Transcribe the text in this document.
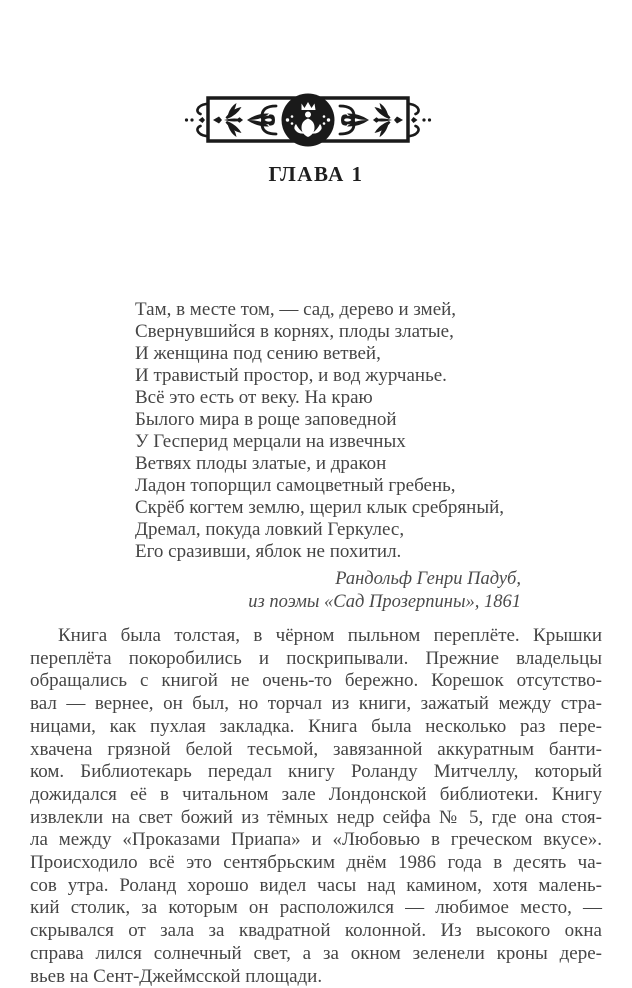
ГЛАВА 1
Там, в месте том, — сад, дерево и змей,
Свернувшийся в корнях, плоды златые,
И женщина под сению ветвей,
И травистый простор, и вод журчанье.
Всё это есть от веку. На краю
Былого мира в роще заповедной
У Гесперид мерцали на извечных
Ветвях плоды златые, и дракон
Ладон топорщил самоцветный гребень,
Скрёб когтем землю, щерил клык сребряный,
Дремал, покуда ловкий Геркулес,
Его сразивши, яблок не похитил.
Рандольф Генри Падуб,
из поэмы «Сад Прозерпины», 1861
Книга была толстая, в чёрном пыльном переплёте. Крышки
переплёта покоробились и поскрипывали. Прежние владельцы
обращались с книгой не очень-то бережно. Корешок отсутство-
вал — вернее, он был, но торчал из книги, зажатый между стра-
ницами, как пухлая закладка. Книга была несколько раз пере-
хвачена грязной белой тесьмой, завязанной аккуратным банти-
ком. Библиотекарь передал книгу Роланду Митчеллу, который
дожидался её в читальном зале Лондонской библиотеки. Книгу
извлекли на свет божий из тёмных недр сейфа № 5, где она стоя-
ла между «Проказами Приапа» и «Любовью в греческом вкусе».
Происходило всё это сентябрьским днём 1986 года в десять ча-
сов утра. Роланд хорошо видел часы над камином, хотя малень-
кий столик, за которым он расположился — любимое место, —
скрывался от зала за квадратной колонной. Из высокого окна
справа лился солнечный свет, а за окном зеленели кроны дере-
вьев на Сент-Джеймсской площади.
